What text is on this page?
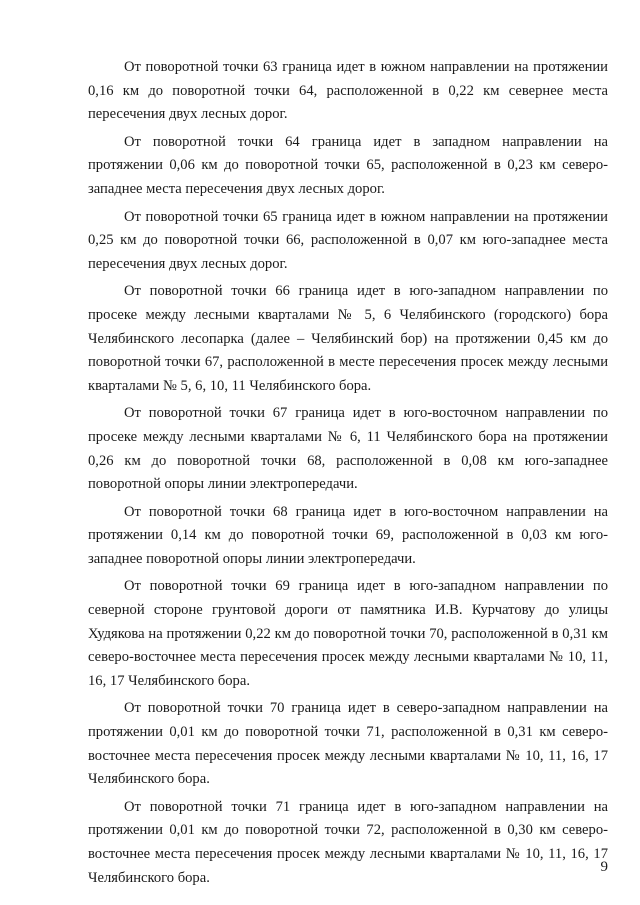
От поворотной точки 63 граница идет в южном направлении на протяжении 0,16 км до поворотной точки 64, расположенной в 0,22 км севернее места пересечения двух лесных дорог.

От поворотной точки 64 граница идет в западном направлении на протяжении 0,06 км до поворотной точки 65, расположенной в 0,23 км северо-западнее места пересечения двух лесных дорог.

От поворотной точки 65 граница идет в южном направлении на протяжении 0,25 км до поворотной точки 66, расположенной в 0,07 км юго-западнее места пересечения двух лесных дорог.

От поворотной точки 66 граница идет в юго-западном направлении по просеке между лесными кварталами № 5, 6 Челябинского (городского) бора Челябинского лесопарка (далее – Челябинский бор) на протяжении 0,45 км до поворотной точки 67, расположенной в месте пересечения просек между лесными кварталами № 5, 6, 10, 11 Челябинского бора.

От поворотной точки 67 граница идет в юго-восточном направлении по просеке между лесными кварталами № 6, 11 Челябинского бора на протяжении 0,26 км до поворотной точки 68, расположенной в 0,08 км юго-западнее поворотной опоры линии электропередачи.

От поворотной точки 68 граница идет в юго-восточном направлении на протяжении 0,14 км до поворотной точки 69, расположенной в 0,03 км юго-западнее поворотной опоры линии электропередачи.

От поворотной точки 69 граница идет в юго-западном направлении по северной стороне грунтовой дороги от памятника И.В. Курчатову до улицы Худякова на протяжении 0,22 км до поворотной точки 70, расположенной в 0,31 км северо-восточнее места пересечения просек между лесными кварталами № 10, 11, 16, 17 Челябинского бора.

От поворотной точки 70 граница идет в северо-западном направлении на протяжении 0,01 км до поворотной точки 71, расположенной в 0,31 км северо-восточнее места пересечения просек между лесными кварталами № 10, 11, 16, 17 Челябинского бора.

От поворотной точки 71 граница идет в юго-западном направлении на протяжении 0,01 км до поворотной точки 72, расположенной в 0,30 км северо-восточнее места пересечения просек между лесными кварталами № 10, 11, 16, 17 Челябинского бора.

9
